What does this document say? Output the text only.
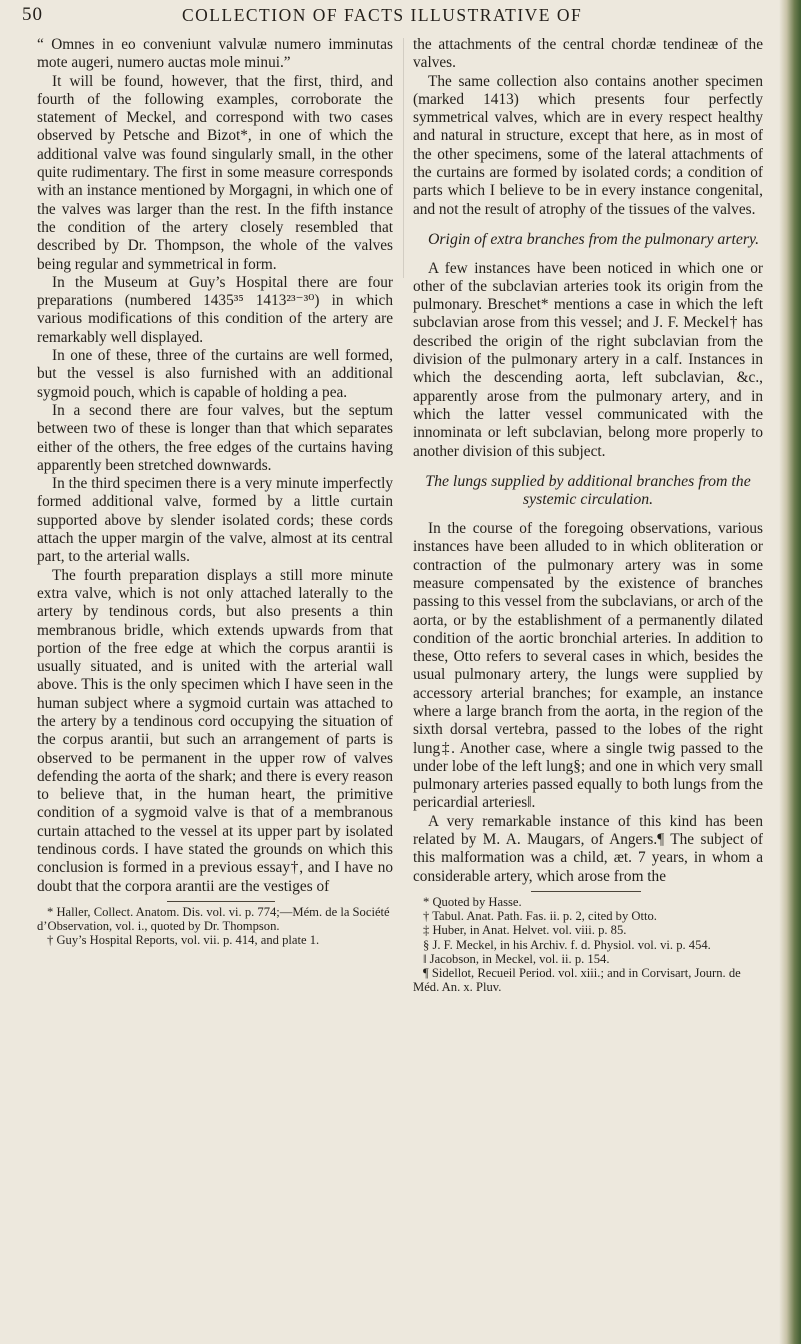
50	COLLECTION OF FACTS ILLUSTRATIVE OF

“ Omnes in eo conveniunt valvulæ numero imminutas mote augeri, numero auctas mole minui.”

It will be found, however, that the first, third, and fourth of the following examples, corroborate the statement of Meckel, and correspond with two cases observed by Petsche and Bizot*, in one of which the additional valve was found singularly small, in the other quite rudimentary. The first in some measure corresponds with an instance mentioned by Morgagni, in which one of the valves was larger than the rest. In the fifth instance the condition of the artery closely resembled that described by Dr. Thompson, the whole of the valves being regular and symmetrical in form.

In the Museum at Guy’s Hospital there are four preparations (numbered 1435³⁵ 1413²³⁻³⁰) in which various modifications of this condition of the artery are remarkably well displayed.

In one of these, three of the curtains are well formed, but the vessel is also furnished with an additional sygmoid pouch, which is capable of holding a pea.

In a second there are four valves, but the septum between two of these is longer than that which separates either of the others, the free edges of the curtains having apparently been stretched downwards.

In the third specimen there is a very minute imperfectly formed additional valve, formed by a little curtain supported above by slender isolated cords; these cords attach the upper margin of the valve, almost at its central part, to the arterial walls.

The fourth preparation displays a still more minute extra valve, which is not only attached laterally to the artery by tendinous cords, but also presents a thin membranous bridle, which extends upwards from that portion of the free edge at which the corpus arantii is usually situated, and is united with the arterial wall above. This is the only specimen which I have seen in the human subject where a sygmoid curtain was attached to the artery by a tendinous cord occupying the situation of the corpus arantii, but such an arrangement of parts is observed to be permanent in the upper row of valves defending the aorta of the shark; and there is every reason to believe that, in the human heart, the primitive condition of a sygmoid valve is that of a membranous curtain attached to the vessel at its upper part by isolated tendinous cords. I have stated the grounds on which this conclusion is formed in a previous essay†, and I have no doubt that the corpora arantii are the vestiges of

* Haller, Collect. Anatom. Dis. vol. vi. p. 774;—Mém. de la Société d’Observation, vol. i., quoted by Dr. Thompson.

† Guy’s Hospital Reports, vol. vii. p. 414, and plate 1.

the attachments of the central chordæ tendineæ of the valves.

The same collection also contains another specimen (marked 1413) which presents four perfectly symmetrical valves, which are in every respect healthy and natural in structure, except that here, as in most of the other specimens, some of the lateral attachments of the curtains are formed by isolated cords; a condition of parts which I believe to be in every instance congenital, and not the result of atrophy of the tissues of the valves.

Origin of extra branches from the pulmonary artery.

A few instances have been noticed in which one or other of the subclavian arteries took its origin from the pulmonary. Breschet* mentions a case in which the left subclavian arose from this vessel; and J. F. Meckel† has described the origin of the right subclavian from the division of the pulmonary artery in a calf. Instances in which the descending aorta, left subclavian, &c., apparently arose from the pulmonary artery, and in which the latter vessel communicated with the innominata or left subclavian, belong more properly to another division of this subject.

The lungs supplied by additional branches from the systemic circulation.

In the course of the foregoing observations, various instances have been alluded to in which obliteration or contraction of the pulmonary artery was in some measure compensated by the existence of branches passing to this vessel from the subclavians, or arch of the aorta, or by the establishment of a permanently dilated condition of the aortic bronchial arteries. In addition to these, Otto refers to several cases in which, besides the usual pulmonary artery, the lungs were supplied by accessory arterial branches; for example, an instance where a large branch from the aorta, in the region of the sixth dorsal vertebra, passed to the lobes of the right lung‡. Another case, where a single twig passed to the under lobe of the left lung§; and one in which very small pulmonary arteries passed equally to both lungs from the pericardial arteries‖.

A very remarkable instance of this kind has been related by M. A. Maugars, of Angers.¶ The subject of this malformation was a child, æt. 7 years, in whom a considerable artery, which arose from the

* Quoted by Hasse.

† Tabul. Anat. Path. Fas. ii. p. 2, cited by Otto.

‡ Huber, in Anat. Helvet. vol. viii. p. 85.

§ J. F. Meckel, in his Archiv. f. d. Physiol. vol. vi. p. 454.

‖ Jacobson, in Meckel, vol. ii. p. 154.

¶ Sidellot, Recueil Period. vol. xiii.; and in Corvisart, Journ. de Méd. An. x. Pluv.
